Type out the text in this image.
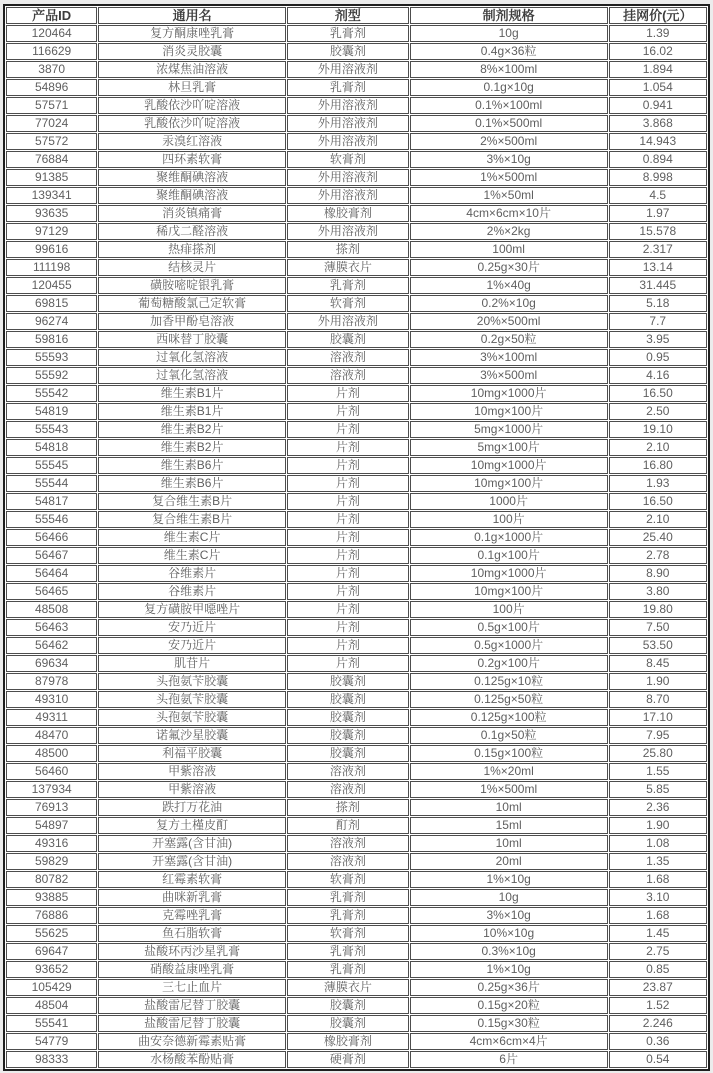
产品ID	通用名	剂型	制剂规格	挂网价(元）
120464	复方酮康唑乳膏	乳膏剂	10g	1.39
116629	消炎灵胶囊	胶囊剂	0.4g×36粒	16.02
3870	浓煤焦油溶液	外用溶液剂	8%×100ml	1.894
54896	林旦乳膏	乳膏剂	0.1g×10g	1.054
57571	乳酸依沙吖啶溶液	外用溶液剂	0.1%×100ml	0.941
77024	乳酸依沙吖啶溶液	外用溶液剂	0.1%×500ml	3.868
57572	汞溴红溶液	外用溶液剂	2%×500ml	14.943
76884	四环素软膏	软膏剂	3%×10g	0.894
91385	聚维酮碘溶液	外用溶液剂	1%×500ml	8.998
139341	聚维酮碘溶液	外用溶液剂	1%×50ml	4.5
93635	消炎镇痛膏	橡胶膏剂	4cm×6cm×10片	1.97
97129	稀戊二醛溶液	外用溶液剂	2%×2kg	15.578
99616	热痱搽剂	搽剂	100ml	2.317
111198	结核灵片	薄膜衣片	0.25g×30片	13.14
120455	磺胺嘧啶银乳膏	乳膏剂	1%×40g	31.445
69815	葡萄糖酸氯己定软膏	软膏剂	0.2%×10g	5.18
96274	加香甲酚皂溶液	外用溶液剂	20%×500ml	7.7
59816	西咪替丁胶囊	胶囊剂	0.2g×50粒	3.95
55593	过氧化氢溶液	溶液剂	3%×100ml	0.95
55592	过氧化氢溶液	溶液剂	3%×500ml	4.16
55542	维生素B1片	片剂	10mg×1000片	16.50
54819	维生素B1片	片剂	10mg×100片	2.50
55543	维生素B2片	片剂	5mg×1000片	19.10
54818	维生素B2片	片剂	5mg×100片	2.10
55545	维生素B6片	片剂	10mg×1000片	16.80
55544	维生素B6片	片剂	10mg×100片	1.93
54817	复合维生素B片	片剂	1000片	16.50
55546	复合维生素B片	片剂	100片	2.10
56466	维生素C片	片剂	0.1g×1000片	25.40
56467	维生素C片	片剂	0.1g×100片	2.78
56464	谷维素片	片剂	10mg×1000片	8.90
56465	谷维素片	片剂	10mg×100片	3.80
48508	复方磺胺甲噁唑片	片剂	100片	19.80
56463	安乃近片	片剂	0.5g×100片	7.50
56462	安乃近片	片剂	0.5g×1000片	53.50
69634	肌苷片	片剂	0.2g×100片	8.45
87978	头孢氨苄胶囊	胶囊剂	0.125g×10粒	1.90
49310	头孢氨苄胶囊	胶囊剂	0.125g×50粒	8.70
49311	头孢氨苄胶囊	胶囊剂	0.125g×100粒	17.10
48470	诺氟沙星胶囊	胶囊剂	0.1g×50粒	7.95
48500	利福平胶囊	胶囊剂	0.15g×100粒	25.80
56460	甲紫溶液	溶液剂	1%×20ml	1.55
137934	甲紫溶液	溶液剂	1%×500ml	5.85
76913	跌打万花油	搽剂	10ml	2.36
54897	复方土槿皮酊	酊剂	15ml	1.90
49316	开塞露(含甘油)	溶液剂	10ml	1.08
59829	开塞露(含甘油)	溶液剂	20ml	1.35
80782	红霉素软膏	软膏剂	1%×10g	1.68
93885	曲咪新乳膏	乳膏剂	10g	3.10
76886	克霉唑乳膏	乳膏剂	3%×10g	1.68
55625	鱼石脂软膏	软膏剂	10%×10g	1.45
69647	盐酸环丙沙星乳膏	乳膏剂	0.3%×10g	2.75
93652	硝酸益康唑乳膏	乳膏剂	1%×10g	0.85
105429	三七止血片	薄膜衣片	0.25g×36片	23.87
48504	盐酸雷尼替丁胶囊	胶囊剂	0.15g×20粒	1.52
55541	盐酸雷尼替丁胶囊	胶囊剂	0.15g×30粒	2.246
54779	曲安奈德新霉素贴膏	橡胶膏剂	4cm×6cm×4片	0.36
98333	水杨酸苯酚贴膏	硬膏剂	6片	0.54
